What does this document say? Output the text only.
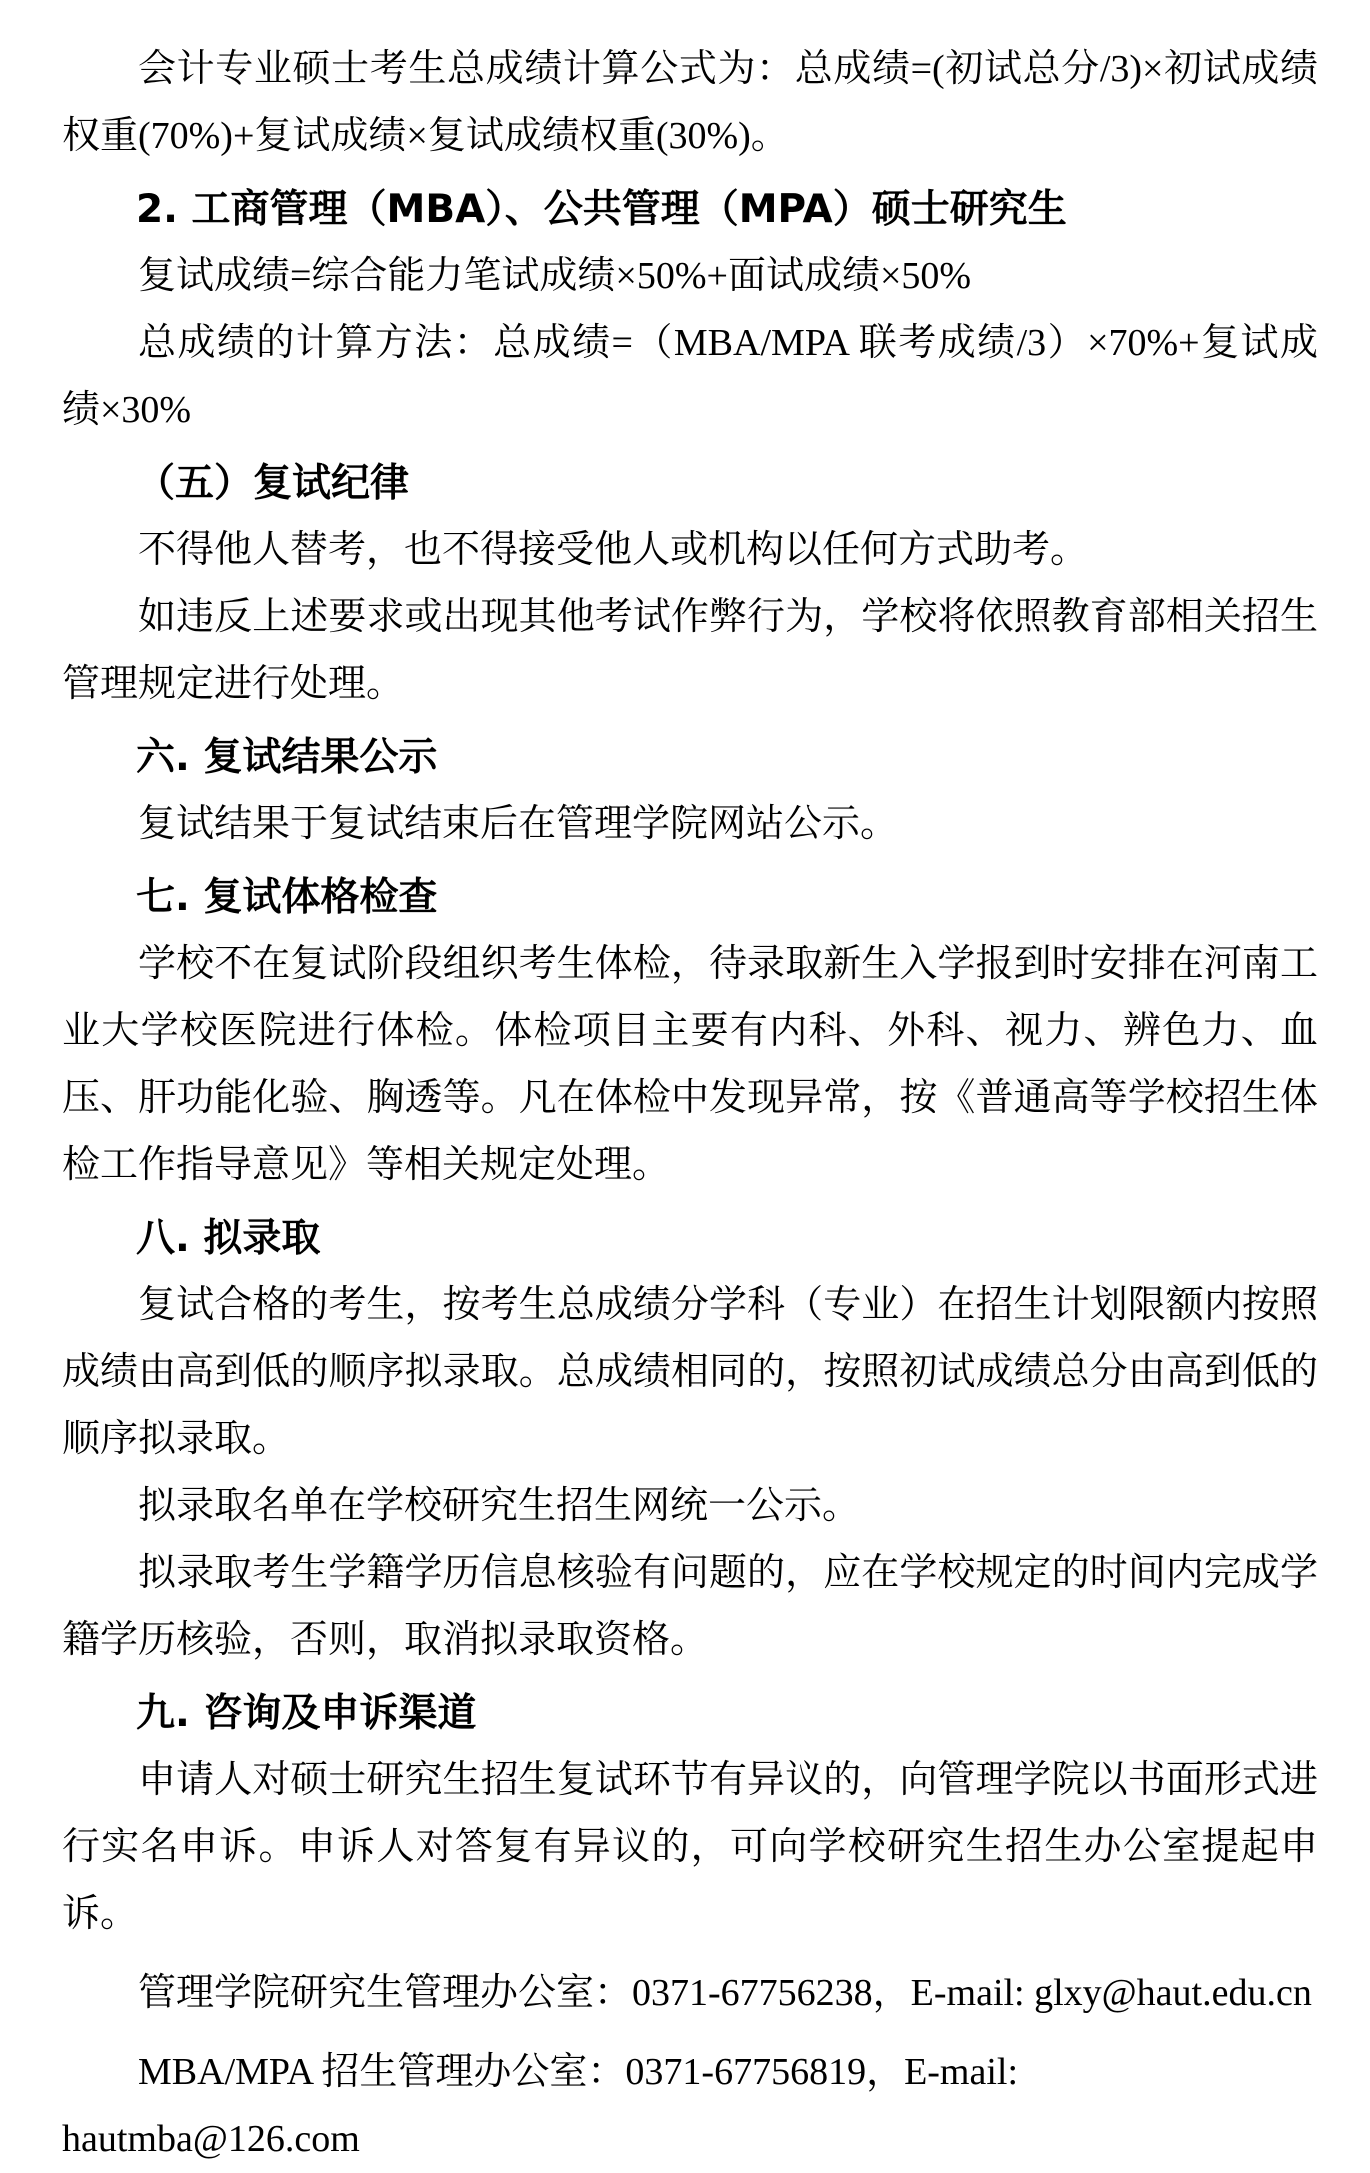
会计专业硕士考生总成绩计算公式为：总成绩=(初试总分/3)×初试成绩权重(70%)+复试成绩×复试成绩权重(30%)。

2. 工商管理（MBA）、公共管理（MPA）硕士研究生

复试成绩=综合能力笔试成绩×50%+面试成绩×50%

总成绩的计算方法：总成绩=（MBA/MPA 联考成绩/3）×70%+复试成绩×30%

（五）复试纪律

不得他人替考，也不得接受他人或机构以任何方式助考。

如违反上述要求或出现其他考试作弊行为，学校将依照教育部相关招生管理规定进行处理。

六. 复试结果公示

复试结果于复试结束后在管理学院网站公示。

七. 复试体格检查

学校不在复试阶段组织考生体检，待录取新生入学报到时安排在河南工业大学校医院进行体检。体检项目主要有内科、外科、视力、辨色力、血压、肝功能化验、胸透等。凡在体检中发现异常，按《普通高等学校招生体检工作指导意见》等相关规定处理。

八. 拟录取

复试合格的考生，按考生总成绩分学科（专业）在招生计划限额内按照成绩由高到低的顺序拟录取。总成绩相同的，按照初试成绩总分由高到低的顺序拟录取。

拟录取名单在学校研究生招生网统一公示。

拟录取考生学籍学历信息核验有问题的，应在学校规定的时间内完成学籍学历核验，否则，取消拟录取资格。

九. 咨询及申诉渠道

申请人对硕士研究生招生复试环节有异议的，向管理学院以书面形式进行实名申诉。申诉人对答复有异议的，可向学校研究生招生办公室提起申诉。

管理学院研究生管理办公室：0371-67756238，E-mail: glxy@haut.edu.cn

MBA/MPA 招生管理办公室：0371-67756819，E-mail: hautmba@126.com
